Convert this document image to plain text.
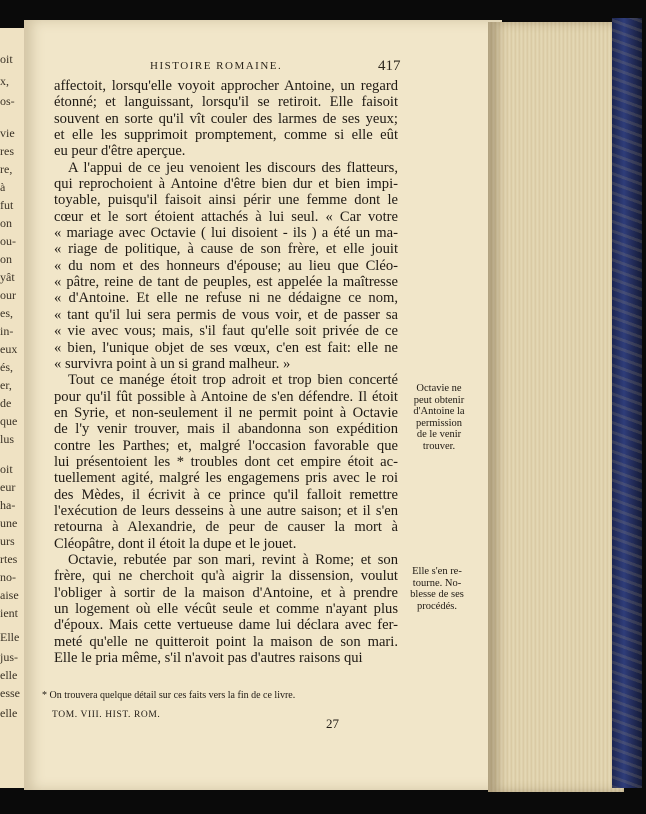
oit
x,
os-
vie
res
re,
à
fut
on
ou-
on
yât
our
es,
in-
eux
és,
er,
de
que
lus
oit
eur
ha-
une
urs
rtes
no-
aise
ient
Elle
jus-
elle
esse
elle
HISTOIRE ROMAINE.	417
affectoit, lorsqu'elle voyoit approcher Antoine, un regard
étonné; et languissant, lorsqu'il se retiroit. Elle faisoit
souvent en sorte qu'il vît couler des larmes de ses yeux;
et elle les supprimoit promptement, comme si elle eût
eu peur d'être aperçue.
A l'appui de ce jeu venoient les discours des flatteurs,
qui reprochoient à Antoine d'être bien dur et bien impi-
toyable, puisqu'il faisoit ainsi périr une femme dont le
cœur et le sort étoient attachés à lui seul. « Car votre
« mariage avec Octavie ( lui disoient - ils ) a été un ma-
« riage de politique, à cause de son frère, et elle jouit
« du nom et des honneurs d'épouse; au lieu que Cléo-
« pâtre, reine de tant de peuples, est appelée la maîtresse
« d'Antoine. Et elle ne refuse ni ne dédaigne ce nom,
« tant qu'il lui sera permis de vous voir, et de passer sa
« vie avec vous; mais, s'il faut qu'elle soit privée de ce
« bien, l'unique objet de ses vœux, c'en est fait: elle ne
« survivra point à un si grand malheur. »
Tout ce manége étoit trop adroit et trop bien concerté
pour qu'il fût possible à Antoine de s'en défendre. Il étoit
en Syrie, et non-seulement il ne permit point à Octavie
de l'y venir trouver, mais il abandonna son expédition
contre les Parthes; et, malgré l'occasion favorable que
lui présentoient les * troubles dont cet empire étoit ac-
tuellement agité, malgré les engagemens pris avec le roi
des Mèdes, il écrivit à ce prince qu'il falloit remettre
l'exécution de leurs desseins à une autre saison; et il s'en
retourna à Alexandrie, de peur de causer la mort à
Cléopâtre, dont il étoit la dupe et le jouet.
Octavie, rebutée par son mari, revint à Rome; et son
frère, qui ne cherchoit qu'à aigrir la dissension, voulut
l'obliger à sortir de la maison d'Antoine, et à prendre
un logement où elle vécût seule et comme n'ayant plus
d'époux. Mais cette vertueuse dame lui déclara avec fer-
meté qu'elle ne quitteroit point la maison de son mari.
Elle le pria même, s'il n'avoit pas d'autres raisons qui
Octavie ne
peut obtenir
d'Antoine la
permission
de le venir
trouver.
Elle s'en re-
tourne. No-
blesse de ses
procédés.
* On trouvera quelque détail sur ces faits vers la fin de ce livre.
TOM. VIII. HIST. ROM.
27
